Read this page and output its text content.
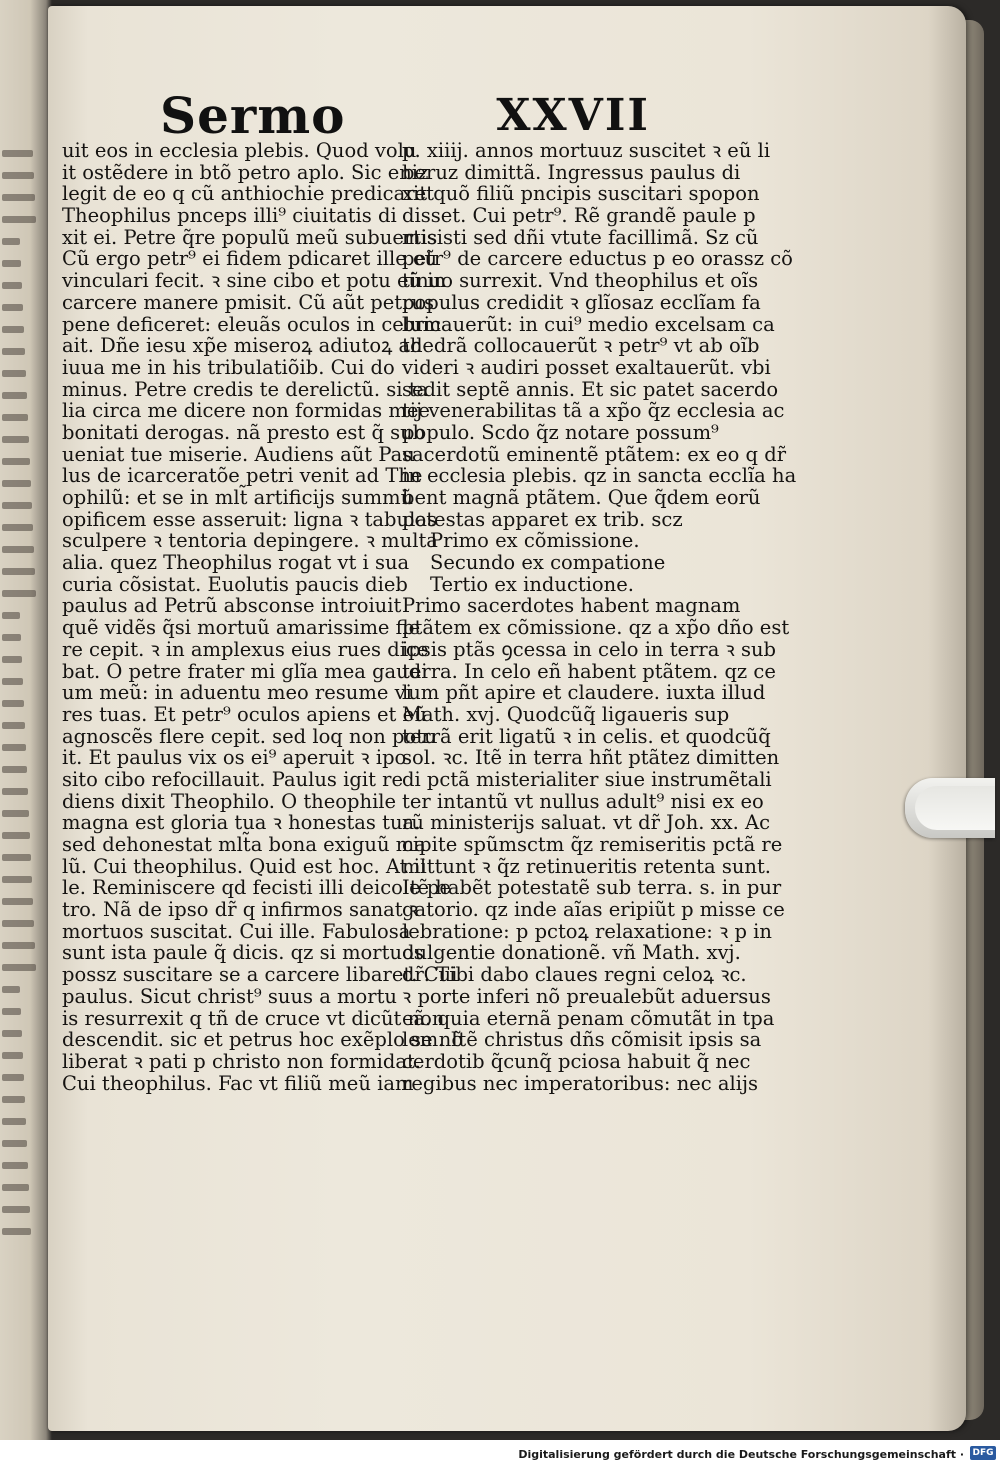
Sermo	XXVII
uit eos in ecclesia plebis. Quod volu
it ostẽdere in btõ petro aplo. Sic eniz
legit de eo q cũ anthiochie predicaret
Theophilus pnceps illi⁹ ciuitatis di
xit ei. Petre q̃re populũ meũ subuertis
Cũ ergo petr⁹ ei fidem pdicaret ille eũ
vinculari fecit. ꝛ sine cibo et potu eũ in
carcere manere pmisit. Cũ aũt petrus
pene deficeret: eleuãs oculos in celum
ait. Dñe iesu xp̃e miseroꝝ adiutoꝝ ad
iuua me in his tribulatiõib. Cui do
minus. Petre credis te derelictũ. si ta
lia circa me dicere non formidas mee
bonitati derogas. nã presto est q̃ sub
ueniat tue miserie. Audiens aũt Pau
lus de icarceratõe petri venit ad The
ophilũ: et se in mlt̃ artificijs summũ
opificem esse asseruit: ligna ꝛ tabulas
sculpere ꝛ tentoria depingere. ꝛ multa
alia. quez Theophilus rogat vt i sua
curia cõsistat. Euolutis paucis dieb
paulus ad Petrũ absconse introiuit
quẽ vidẽs q̃si mortuũ amarissime fle
re cepit. ꝛ in amplexus eius rues dice
bat. O petre frater mi glĩa mea gaudi
um meũ: in aduentu meo resume vi
res tuas. Et petr⁹ oculos apiens et eũ
agnoscẽs flere cepit. sed loq non potu
it. Et paulus vix os ei⁹ aperuit ꝛ ipo
sito cibo refocillauit. Paulus igit re
diens dixit Theophilo. O theophile
magna est gloria tua ꝛ honestas tua.
sed dehonestat mlt̃a bona exiguũ ma
lũ. Cui theophilus. Quid est hoc. At il
le. Reminiscere qd fecisti illi deicole pe
tro. Nã de ipso dr̃ q infirmos sanat ꝛ
mortuos suscitat. Cui ille. Fabulosa
sunt ista paule q̃ dicis. qz si mortuos
possz suscitare se a carcere libaret. Cui
paulus. Sicut christ⁹ suus a mortu
is resurrexit q tñ de cruce vt dicũt non
descendit. sic et petrus hoc exẽplo se nõ
liberat ꝛ pati p christo non formidat.
Cui theophilus. Fac vt filiũ meũ iam
p. xiiij. annos mortuuz suscitet ꝛ eũ li
beruz dimittã. Ingressus paulus di
xit quõ filiũ pncipis suscitari spopon
disset. Cui petr⁹. Rẽ grandẽ paule p
misisti sed dñi vtute facillimã. Sz cũ
petr⁹ de carcere eductus p eo orassz cõ
tinuo surrexit. Vnd theophilus et oĩs
populus credidit ꝛ glĩosaz ecclĩam fa
bricauerũt: in cui⁹ medio excelsam ca
thedrã collocauerũt ꝛ petr⁹ vt ab oĩb
videri ꝛ audiri posset exaltauerũt. vbi
sedit septẽ annis. Et sic patet sacerdo
tij venerabilitas tã a xp̃o q̃z ecclesia ac
populo. Scdo q̃z notare possum⁹
sacerdotũ eminentẽ ptãtem: ex eo q dr̃
in ecclesia plebis. qz in sancta ecclĩa ha
bent magnã ptãtem. Que q̃dem eorũ
potestas apparet ex trib. scz
Primo ex cõmissione.
Secundo ex compatione
Tertio ex inductione.
Primo sacerdotes habent magnam
ptãtem ex cõmissione. qz a xp̃o dño est
ipsis ptãs ꝯcessa in celo in terra ꝛ sub
terra. In celo eñ habent ptãtem. qz ce
lum pñt apire et claudere. iuxta illud
Math. xvj. Quodcũq̃ ligaueris sup
terrã erit ligatũ ꝛ in celis. et quodcũq̃
sol. ꝛc. Itẽ in terra hñt ptãtez dimitten
di pctã misterialiter siue instrumẽtali
ter intantũ vt nullus adult⁹ nisi ex eo
rũ ministerijs saluat. vt dr̃ Joh. xx. Ac
cipite spũmsctm q̃z remiseritis pctã re
mittunt ꝛ q̃z retinueritis retenta sunt.
Itẽ habẽt potestatẽ sub terra. s. in pur
gatorio. qz inde aĩas eripiũt p misse ce
lebratione: p pctoꝝ relaxatione: ꝛ p in
dulgentie donationẽ. vñ Math. xvj.
dr̃. Tibi dabo claues regni celoꝝ ꝛc.
ꝛ porte inferi nõ preualebũt aduersus
eã. quia eternã penam cõmutãt in tpa
lem. Itẽ christus dñs cõmisit ipsis sa
cerdotib q̃cunq̃ pciosa habuit q̃ nec
regibus nec imperatoribus: nec alijs
Digitalisierung gefördert durch die Deutsche Forschungsgemeinschaft · DFG
